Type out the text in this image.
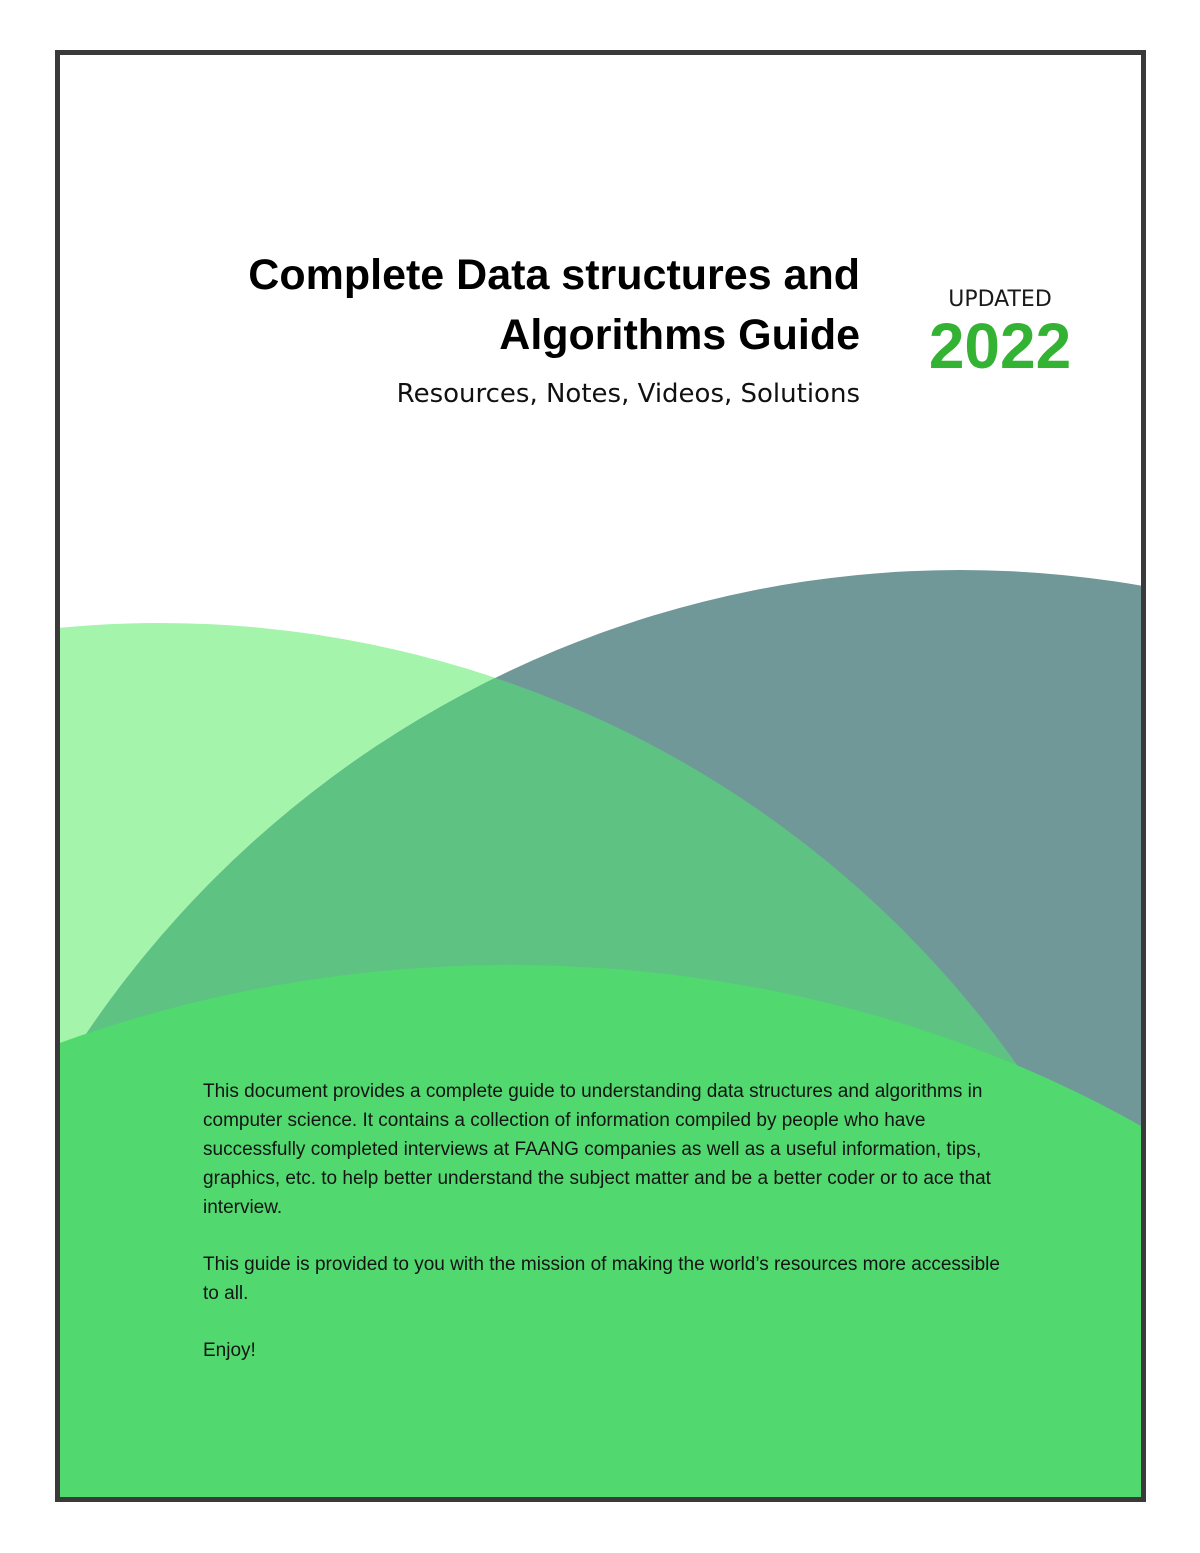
Complete Data structures and
Algorithms Guide
Resources, Notes, Videos, Solutions
UPDATED
2022

This document provides a complete guide to understanding data structures and algorithms in computer science. It contains a collection of information compiled by people who have successfully completed interviews at FAANG companies as well as a useful information, tips, graphics, etc. to help better understand the subject matter and be a better coder or to ace that interview.

This guide is provided to you with the mission of making the world’s resources more accessible to all.

Enjoy!
